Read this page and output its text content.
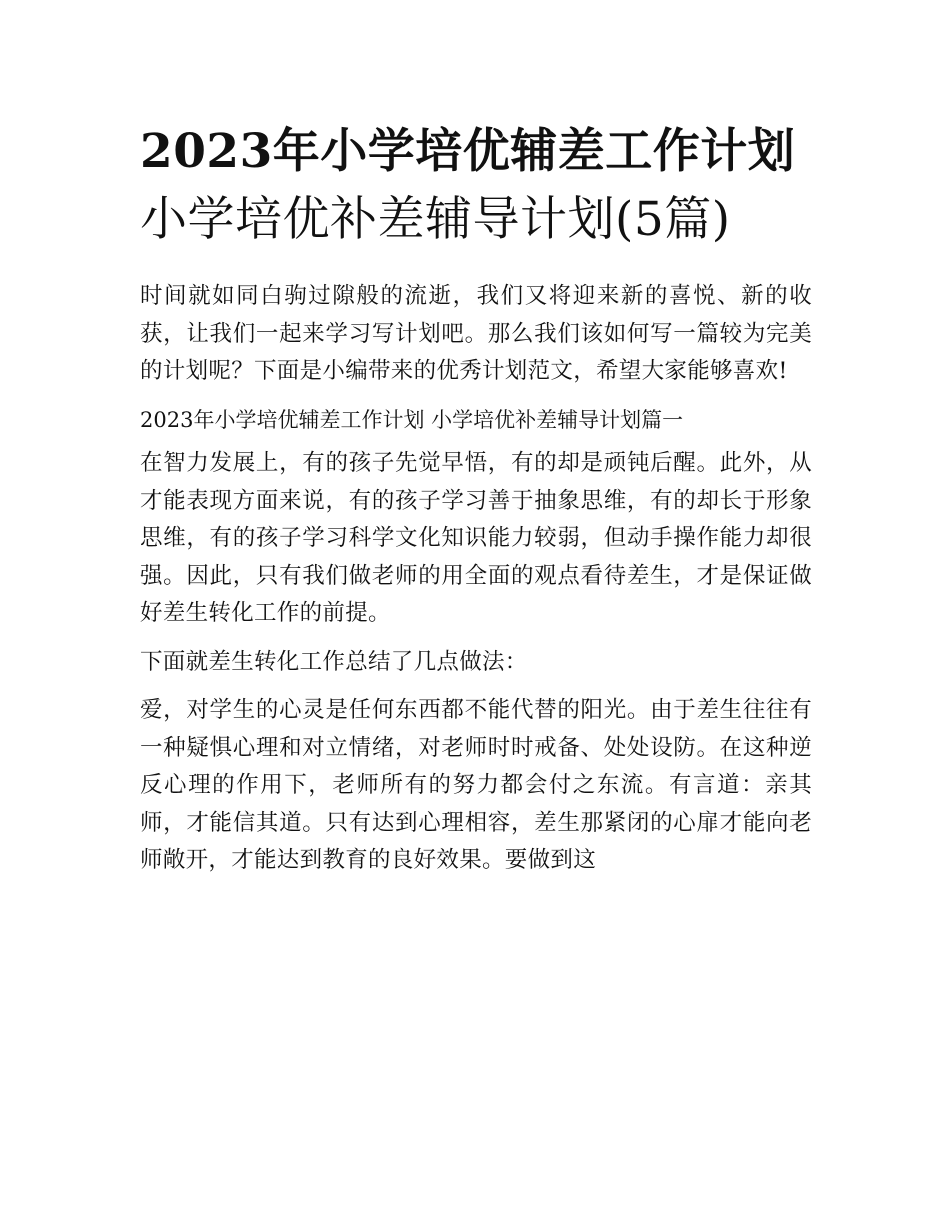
2023年小学培优辅差工作计划
小学培优补差辅导计划(5篇)

时间就如同白驹过隙般的流逝，我们又将迎来新的喜悦、新的收获，让我们一起来学习写计划吧。那么我们该如何写一篇较为完美的计划呢？下面是小编带来的优秀计划范文，希望大家能够喜欢!

2023年小学培优辅差工作计划 小学培优补差辅导计划篇一

在智力发展上，有的孩子先觉早悟，有的却是顽钝后醒。此外，从才能表现方面来说，有的孩子学习善于抽象思维，有的却长于形象思维，有的孩子学习科学文化知识能力较弱，但动手操作能力却很强。因此，只有我们做老师的用全面的观点看待差生，才是保证做好差生转化工作的前提。

下面就差生转化工作总结了几点做法：

爱，对学生的心灵是任何东西都不能代替的阳光。由于差生往往有一种疑惧心理和对立情绪，对老师时时戒备、处处设防。在这种逆反心理的作用下，老师所有的努力都会付之东流。有言道：亲其师，才能信其道。只有达到心理相容，差生那紧闭的心扉才能向老师敞开，才能达到教育的良好效果。要做到这
